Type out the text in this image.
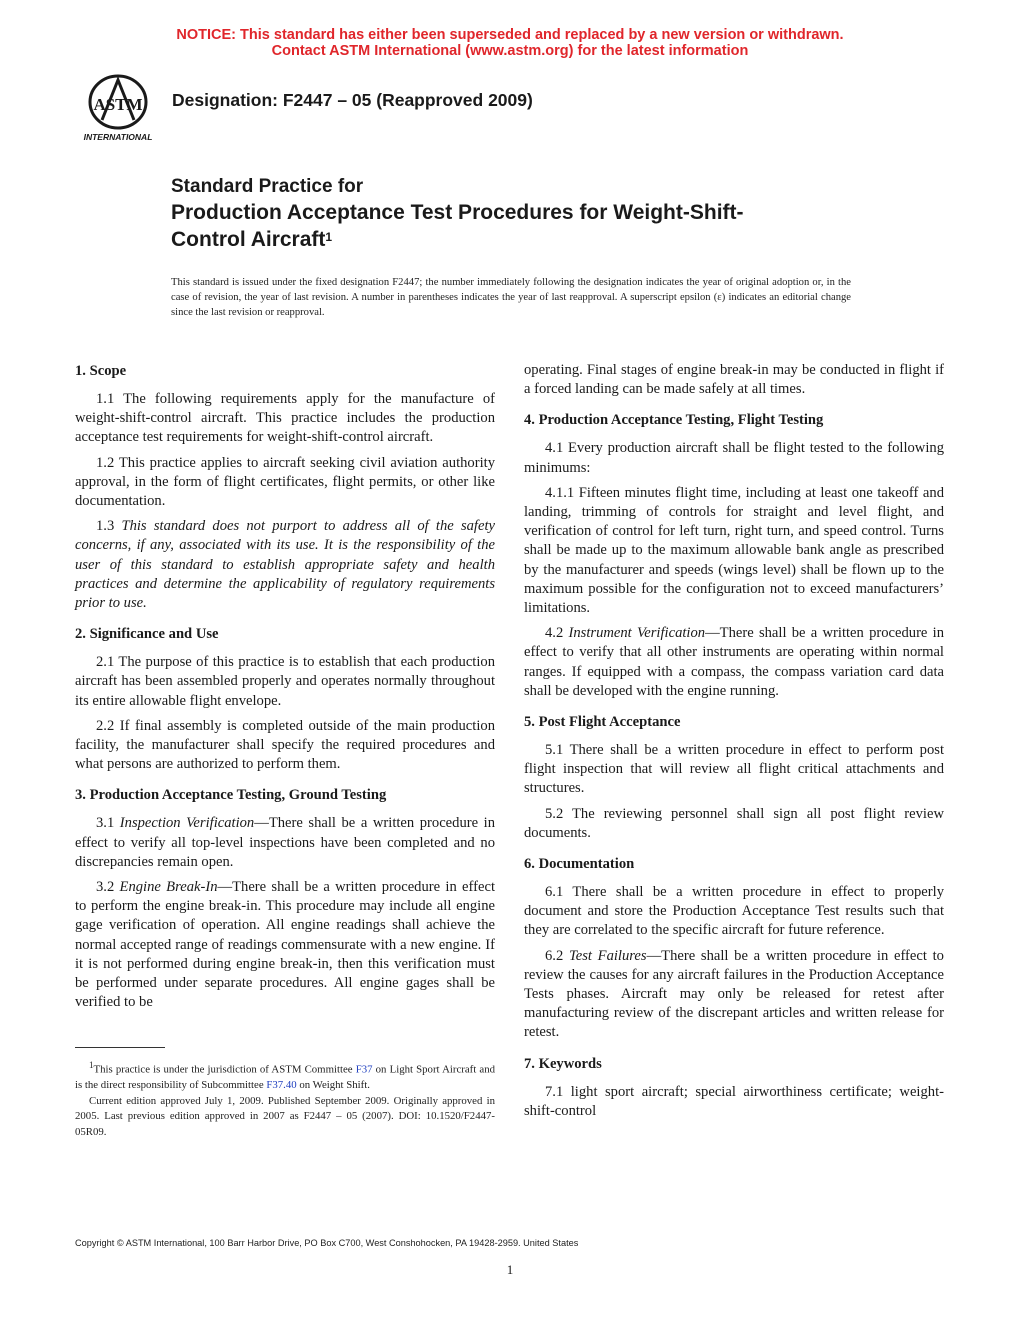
NOTICE: This standard has either been superseded and replaced by a new version or withdrawn.
Contact ASTM International (www.astm.org) for the latest information
ASTM
INTERNATIONAL
Designation: F2447 – 05 (Reapproved 2009)
Standard Practice for
Production Acceptance Test Procedures for Weight-Shift-
Control Aircraft$^1$
This standard is issued under the fixed designation F2447; the number immediately following the designation indicates the year of original adoption or, in the case of revision, the year of last revision. A number in parentheses indicates the year of last reapproval. A superscript epsilon (ε) indicates an editorial change since the last revision or reapproval.
1. Scope

1.1 The following requirements apply for the manufacture of weight-shift-control aircraft. This practice includes the production acceptance test requirements for weight-shift-control aircraft.

1.2 This practice applies to aircraft seeking civil aviation authority approval, in the form of flight certificates, flight permits, or other like documentation.

1.3 This standard does not purport to address all of the safety concerns, if any, associated with its use. It is the responsibility of the user of this standard to establish appropriate safety and health practices and determine the applicability of regulatory requirements prior to use.

2. Significance and Use

2.1 The purpose of this practice is to establish that each production aircraft has been assembled properly and operates normally throughout its entire allowable flight envelope.

2.2 If final assembly is completed outside of the main production facility, the manufacturer shall specify the required procedures and what persons are authorized to perform them.

3. Production Acceptance Testing, Ground Testing

3.1 Inspection Verification—There shall be a written procedure in effect to verify all top-level inspections have been completed and no discrepancies remain open.

3.2 Engine Break-In—There shall be a written procedure in effect to perform the engine break-in. This procedure may include all engine gage verification of operation. All engine readings shall achieve the normal accepted range of readings commensurate with a new engine. If it is not performed during engine break-in, then this verification must be performed under separate procedures. All engine gages shall be verified to be

$^1$This practice is under the jurisdiction of ASTM Committee F37 on Light Sport Aircraft and is the direct responsibility of Subcommittee F37.40 on Weight Shift.

Current edition approved July 1, 2009. Published September 2009. Originally approved in 2005. Last previous edition approved in 2007 as F2447 – 05 (2007). DOI: 10.1520/F2447-05R09.

operating. Final stages of engine break-in may be conducted in flight if a forced landing can be made safely at all times.

4. Production Acceptance Testing, Flight Testing

4.1 Every production aircraft shall be flight tested to the following minimums:

4.1.1 Fifteen minutes flight time, including at least one takeoff and landing, trimming of controls for straight and level flight, and verification of control for left turn, right turn, and speed control. Turns shall be made up to the maximum allowable bank angle as prescribed by the manufacturer and speeds (wings level) shall be flown up to the maximum possible for the configuration not to exceed manufacturers’ limitations.

4.2 Instrument Verification—There shall be a written procedure in effect to verify that all other instruments are operating within normal ranges. If equipped with a compass, the compass variation card data shall be developed with the engine running.

5. Post Flight Acceptance

5.1 There shall be a written procedure in effect to perform post flight inspection that will review all flight critical attachments and structures.

5.2 The reviewing personnel shall sign all post flight review documents.

6. Documentation

6.1 There shall be a written procedure in effect to properly document and store the Production Acceptance Test results such that they are correlated to the specific aircraft for future reference.

6.2 Test Failures—There shall be a written procedure in effect to review the causes for any aircraft failures in the Production Acceptance Tests phases. Aircraft may only be released for retest after manufacturing review of the discrepant articles and written release for retest.

7. Keywords

7.1 light sport aircraft; special airworthiness certificate; weight-shift-control

Copyright © ASTM International, 100 Barr Harbor Drive, PO Box C700, West Conshohocken, PA 19428-2959. United States
1
